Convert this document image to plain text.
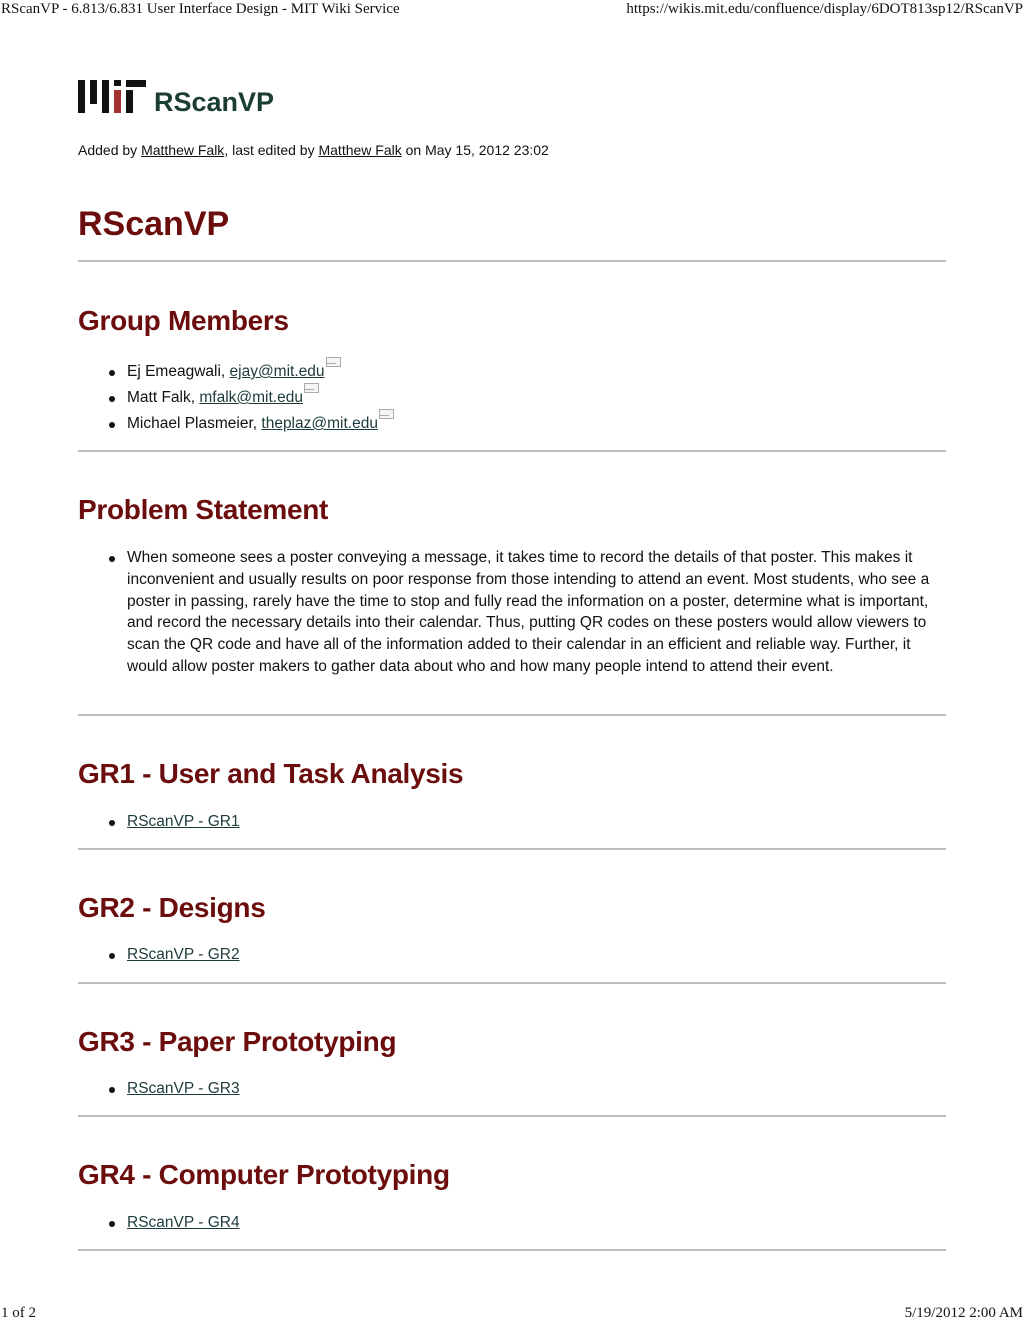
RScanVP - 6.813/6.831 User Interface Design - MIT Wiki Service	https://wikis.mit.edu/confluence/display/6DOT813sp12/RScanVP
RScanVP
Added by Matthew Falk, last edited by Matthew Falk on May 15, 2012 23:02
RScanVP
Group Members
Ej Emeagwali, ejay@mit.edu
Matt Falk, mfalk@mit.edu
Michael Plasmeier, theplaz@mit.edu
Problem Statement
When someone sees a poster conveying a message, it takes time to record the details of that poster. This makes it inconvenient and usually results on poor response from those intending to attend an event. Most students, who see a poster in passing, rarely have the time to stop and fully read the information on a poster, determine what is important, and record the necessary details into their calendar. Thus, putting QR codes on these posters would allow viewers to scan the QR code and have all of the information added to their calendar in an efficient and reliable way. Further, it would allow poster makers to gather data about who and how many people intend to attend their event.
GR1 - User and Task Analysis
RScanVP - GR1
GR2 - Designs
RScanVP - GR2
GR3 - Paper Prototyping
RScanVP - GR3
GR4 - Computer Prototyping
RScanVP - GR4
1 of 2	5/19/2012 2:00 AM
